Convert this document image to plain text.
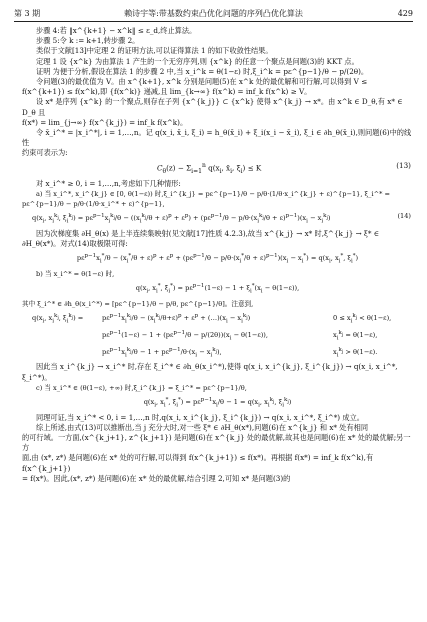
第 3 期	赖诗宇等:带基数约束凸优化问题的序列凸优化算法	429

步骤 4:若 ‖x^{k+1} − x^k‖ ≤ ε_d,终止算法。

步骤 5:令 k := k+1,转步骤 2。

类似于文献[13]中定理 2 的证明方法,可以证得算法 1 的如下收敛性结果。

定理 1 设 {x^k} 为由算法 1 产生的一个无穷序列,则 {x^k} 的任意一个聚点是问题(3)的 KKT 点。

证明 为便于分析,假设在算法 1 的步骤 2 中,当 x_i^k = θ(1−ε) 时,ξ_i^k = pε^{p−1}/θ − p/(2θ)。

令问题(3)的最优值为 V。由 x^{k+1}, x^k 分别是问题(5)在 x^k 处的最优解和可行解,可以得到 V ≤

f(x^{k+1}) ≤ f(x^k),即 {f(x^k)} 递减,且 lim_{k→∞} f(x^k) = inf_k f(x^k) ≥ V。

设 x* 是序列 {x^k} 的一个聚点,则存在子列 {x^{k_j}} ⊂ {x^k} 使得 x^{k_j} → x*。由 x^k ∈ D_θ,有 x* ∈ D_θ 且

f(x*) = lim_{j→∞} f(x^{k_j}) = inf_k f(x^k)。

令 x̄_i^* = |x_i^*|, i = 1,…,n。记 q(x_i, x̄_i, ξ_i) = h_θ(x̄_i) + ξ_i(x_i − x̄_i), ξ_i ∈ ∂h_θ(x̄_i),则问题(6)中的线性

约束可表示为:

$C_\theta(z) - \Sigma_{i=1}^n$ $q(x_i$, $x̄_i$, $\xi_i) \le K$	(13)

对 x_i^* ≥ 0, i = 1,…,n,考虑如下几种情形:

a) 当 x_i^*, x_i^{k_j} ∈ [0, θ(1−ε)) 时,ξ_i^{k_j} = pε^{p−1}/θ − p/θ·(1/θ·x_i^{k_j} + ε)^{p−1}, ξ_i^* = pε^{p−1}/θ − p/θ·(1/θ·x_i^* + ε)^{p−1},

$q(x_i$, $x_i^{k_j}$, $\xi_i^{k_j}) = p\varepsilon^{p-1}x_i^{k_j}/\theta - ((x_i^{k_j}/\theta + \varepsilon)^p + \varepsilon^p) + (p\varepsilon^{p-1}/\theta - p/\theta\cdot(x_i^{k_j}/\theta + \varepsilon)^{p-1})(x_i - x_i^{k_j})$	(14)

因为次梯度集 ∂H_θ(x) 是上半连续集映射(见文献[17]性质 4.2.3),故当 x^{k_j} → x* 时,ξ^{k_j} → ξ* ∈

∂H_θ(x*)。对式(14)取极限可得:

$p\varepsilon^{p-1}x_i^*/\theta - (x_i^*/\theta + \varepsilon)^p + \varepsilon^p + (p\varepsilon^{p-1}/\theta - p/\theta\cdot(x_i^*/\theta + \varepsilon)^{p-1})(x_i - x_i^*) = q(x_i$, $x_i^*$, $\xi_i^*$)

b) 当 x_i^* = θ(1−ε) 时,

$q(x_i$, $x_i^*$, $\xi_i^*) = p\varepsilon^{p-1}(1-\varepsilon) - 1 + \xi_i^*(x_i - \theta(1-\varepsilon))$,

其中 ξ_i^* ∈ ∂h_θ(x_i^*) = [pε^{p−1}/θ − p/θ, pε^{p−1}/θ]。注意到,

$q(x_i$, $x_i^{k_j}$, $\xi_i^{k_j}$) =	$p\varepsilon^{p-1}x_i^{k_j}/\theta - (x_i^{k_j}/\theta+\varepsilon)^p + \varepsilon^p$ + $(\dots)(x_i - x_i^{k_j})$	$0 \le x_i^{k_j} < \theta(1-\varepsilon)$,
$p\varepsilon^{p-1}(1-\varepsilon) - 1 + (p\varepsilon^{p-1}/\theta - p/(2\theta))(x_i - \theta(1-\varepsilon))$,	$x_i^{k_j} = \theta(1-\varepsilon)$,
$p\varepsilon^{p-1}x_i^{k_j}/\theta - 1 + p\varepsilon^{p-1}/\theta\cdot(x_i - x_i^{k_j})$,	$x_i^{k_j} > \theta(1-\varepsilon)$.

因此当 x_i^{k_j} → x_i^* 时,存在 ξ_i^* ∈ ∂h_θ(x_i^*),使得 q(x_i, x_i^{k_j}, ξ_i^{k_j}) → q(x_i, x_i^*, ξ_i^*)。

c) 当 x_i^* ∈ (θ(1−ε), +∞) 时,ξ_i^{k_j} = ξ_i^* = pε^{p−1}/θ,

$q(x_i$, $x_i^*$, $\xi_i^*) = p\varepsilon^{p-1}x_i/\theta - 1 = q(x_i$, $x_i^{k_j}$, $\xi_i^{k_j}$)

同理可证,当 x_i^* < 0, i = 1,…,n 时,q(x_i, x_i^{k_j}, ξ_i^{k_j}) → q(x_i, x_i^*, ξ_i^*) 成立。

综上所述,由式(13)可以推断出,当 j 充分大时,对一些 ξ* ∈ ∂H_θ(x*),问题(6)在 x^{k_j} 和 x* 处有相同

的可行域。一方面,(x^{k_j+1}, z^{k_j+1}) 是问题(6)在 x^{k_j} 处的最优解,故其也是问题(6)在 x* 处的最优解;另一方

面,由 (x*, z*) 是问题(6)在 x* 处的可行解,可以得到 f(x^{k_j+1}) ≤ f(x*)。再根据 f(x*) = inf_k f(x^k),有 f(x^{k_j+1})

= f(x*)。因此,(x*, z*) 是问题(6)在 x* 处的最优解,结合引理 2,可知 x* 是问题(3)的
